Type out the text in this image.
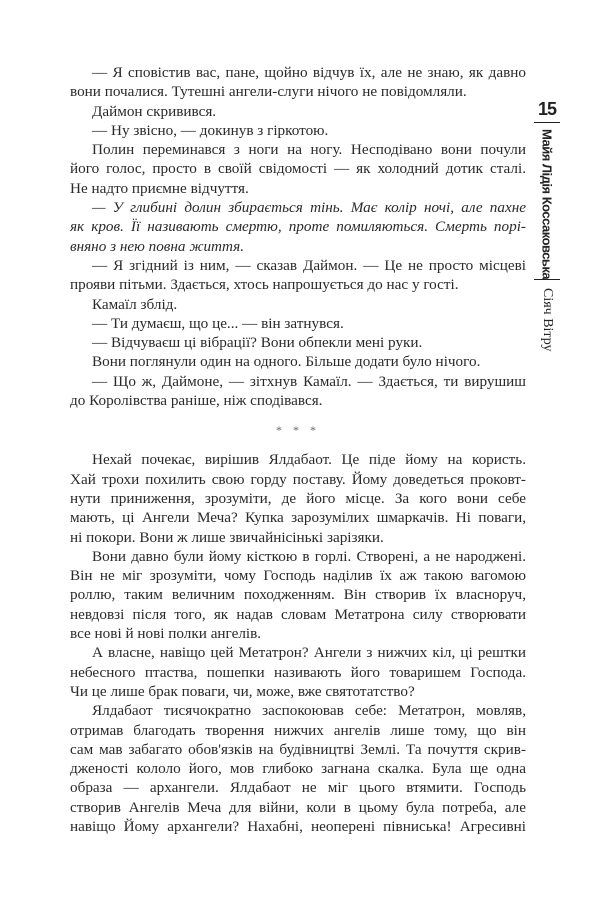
— Я сповістив вас, пане, щойно відчув їх, але не знаю, як давно
вони почалися. Тутешні ангели-слуги нічого не повідомляли.
Даймон скривився.
— Ну звісно, — докинув з гіркотою.
Полин переминався з ноги на ногу. Несподівано вони почули
його голос, просто в своїй свідомості — як холодний дотик сталі.
Не надто приємне відчуття.
— У глибині долин збирається тінь. Має колір ночі, але пахне
як кров. Її називають смертю, проте помиляються. Смерть порі-
вняно з нею повна життя.
— Я згідний із ним, — сказав Даймон. — Це не просто місцеві
прояви пітьми. Здається, хтось напрошується до нас у гості.
Камаїл зблід.
— Ти думаєш, що це... — він затнувся.
— Відчуваєш ці вібрації? Вони обпекли мені руки.
Вони поглянули один на одного. Більше додати було нічого.
— Що ж, Даймоне, — зітхнув Камаїл. — Здається, ти вирушиш
до Королівства раніше, ніж сподівався.
* * *
Нехай почекає, вирішив Ялдабаот. Це піде йому на користь.
Хай трохи похилить свою горду поставу. Йому доведеться проковт-
нути приниження, зрозуміти, де його місце. За кого вони себе
мають, ці Ангели Меча? Купка зарозумілих шмаркачів. Ні поваги,
ні покори. Вони ж лише звичайнісінькі зарізяки.
Вони давно були йому кісткою в горлі. Створені, а не народжені.
Він не міг зрозуміти, чому Господь наділив їх аж такою вагомою
роллю, таким величним походженням. Він створив їх власноруч,
невдовзі після того, як надав словам Метатрона силу створювати
все нові й нові полки ангелів.
А власне, навіщо цей Метатрон? Ангели з нижчих кіл, ці рештки
небесного птаства, пошепки називають його товаришем Господа.
Чи це лише брак поваги, чи, може, вже святотатство?
Ялдабаот тисячократно заспокоював себе: Метатрон, мовляв,
отримав благодать творення нижчих ангелів лише тому, що він
сам мав забагато обов'язків на будівництві Землі. Та почуття скрив-
дженості кололо його, мов глибоко загнана скалка. Була ще одна
образа — архангели. Ялдабаот не міг цього втямити. Господь
створив Ангелів Меча для війни, коли в цьому була потреба, але
навіщо Йому архангели? Нахабні, неоперені півниська! Агресивні
15
Майя Лідія Коссаковська
Сіяч Вітру
